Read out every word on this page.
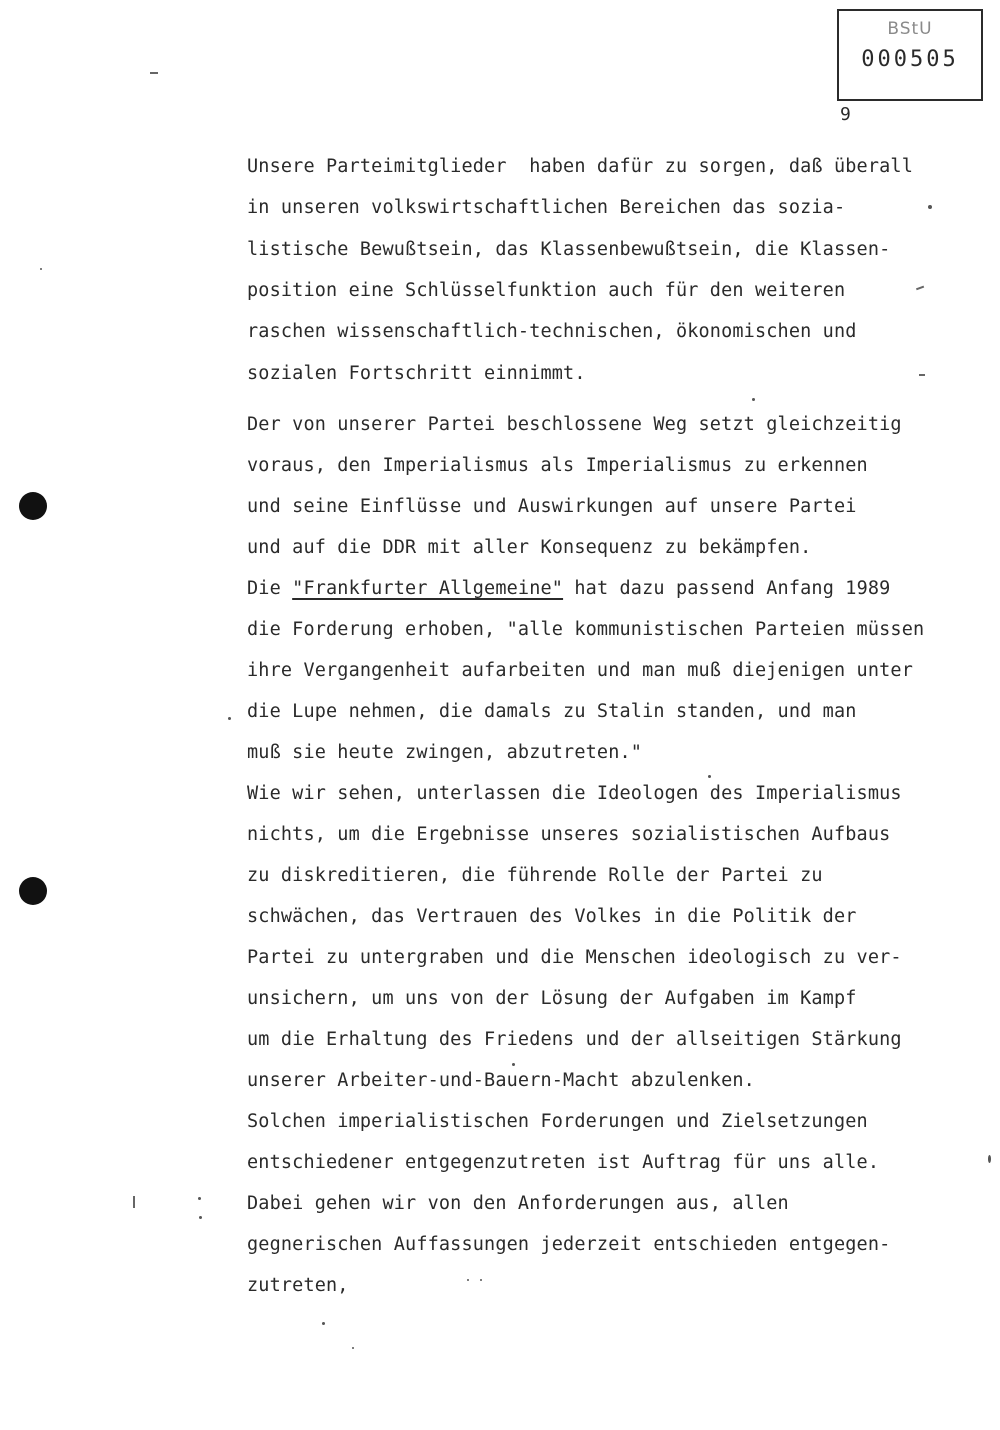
BStU
000505
9
Unsere Parteimitglieder  haben dafür zu sorgen, daß überall
in unseren volkswirtschaftlichen Bereichen das sozia-
listische Bewußtsein, das Klassenbewußtsein, die Klassen-
position eine Schlüsselfunktion auch für den weiteren
raschen wissenschaftlich-technischen, ökonomischen und
sozialen Fortschritt einnimmt.
Der von unserer Partei beschlossene Weg setzt gleichzeitig
voraus, den Imperialismus als Imperialismus zu erkennen
und seine Einflüsse und Auswirkungen auf unsere Partei
und auf die DDR mit aller Konsequenz zu bekämpfen.
Die "Frankfurter Allgemeine" hat dazu passend Anfang 1989
die Forderung erhoben, "alle kommunistischen Parteien müssen
ihre Vergangenheit aufarbeiten und man muß diejenigen unter
die Lupe nehmen, die damals zu Stalin standen, und man
muß sie heute zwingen, abzutreten."
Wie wir sehen, unterlassen die Ideologen des Imperialismus
nichts, um die Ergebnisse unseres sozialistischen Aufbaus
zu diskreditieren, die führende Rolle der Partei zu
schwächen, das Vertrauen des Volkes in die Politik der
Partei zu untergraben und die Menschen ideologisch zu ver-
unsichern, um uns von der Lösung der Aufgaben im Kampf
um die Erhaltung des Friedens und der allseitigen Stärkung
unserer Arbeiter-und-Bauern-Macht abzulenken.
Solchen imperialistischen Forderungen und Zielsetzungen
entschiedener entgegenzutreten ist Auftrag für uns alle.
Dabei gehen wir von den Anforderungen aus, allen
gegnerischen Auffassungen jederzeit entschieden entgegen-
zutreten,
